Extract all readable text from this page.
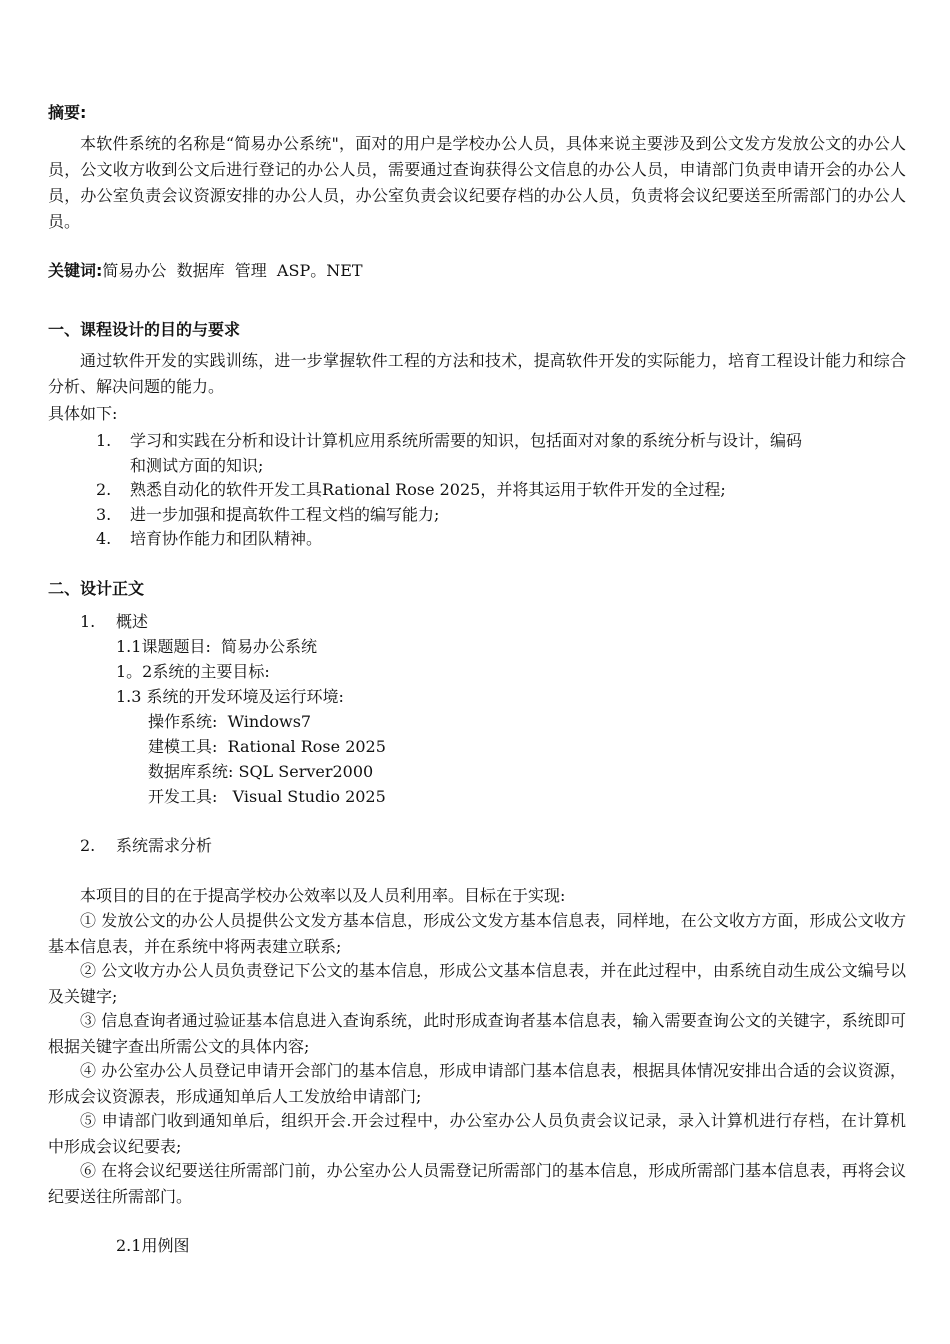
摘要:
本软件系统的名称是“简易办公系统"，面对的用户是学校办公人员，具体来说主要涉及到公文发方发放公文的办公人员，公文收方收到公文后进行登记的办公人员，需要通过查询获得公文信息的办公人员，申请部门负责申请开会的办公人员，办公室负责会议资源安排的办公人员，办公室负责会议纪要存档的办公人员，负责将会议纪要送至所需部门的办公人员。
关键词:简易办公  数据库  管理  ASP。NET
一、课程设计的目的与要求
通过软件开发的实践训练，进一步掌握软件工程的方法和技术，提高软件开发的实际能力，培育工程设计能力和综合分析、解决问题的能力。
具体如下:
1.	学习和实践在分析和设计计算机应用系统所需要的知识，包括面对对象的系统分析与设计，编码
和测试方面的知识;
2.	熟悉自动化的软件开发工具Rational Rose 2025，并将其运用于软件开发的全过程;
3.	进一步加强和提高软件工程文档的编写能力;
4.	培育协作能力和团队精神。
二、设计正文
1. 概述
1.1课题题目:  简易办公系统
1。2系统的主要目标:
1.3 系统的开发环境及运行环境:
操作系统:  Windows7
建模工具:  Rational Rose 2025
数据库系统: SQL Server2000
开发工具:   Visual Studio 2025
2. 系统需求分析
本项目的目的在于提高学校办公效率以及人员利用率。目标在于实现:
① 发放公文的办公人员提供公文发方基本信息，形成公文发方基本信息表，同样地，在公文收方方面，形成公文收方基本信息表，并在系统中将两表建立联系;
② 公文收方办公人员负责登记下公文的基本信息，形成公文基本信息表，并在此过程中，由系统自动生成公文编号以及关键字;
③ 信息查询者通过验证基本信息进入查询系统，此时形成查询者基本信息表，输入需要查询公文的关键字，系统即可根据关键字查出所需公文的具体内容;
④ 办公室办公人员登记申请开会部门的基本信息，形成申请部门基本信息表，根据具体情况安排出合适的会议资源，形成会议资源表，形成通知单后人工发放给申请部门;
⑤ 申请部门收到通知单后，组织开会.开会过程中，办公室办公人员负责会议记录，录入计算机进行存档，在计算机中形成会议纪要表;
⑥ 在将会议纪要送往所需部门前，办公室办公人员需登记所需部门的基本信息，形成所需部门基本信息表，再将会议纪要送往所需部门。
2.1用例图
